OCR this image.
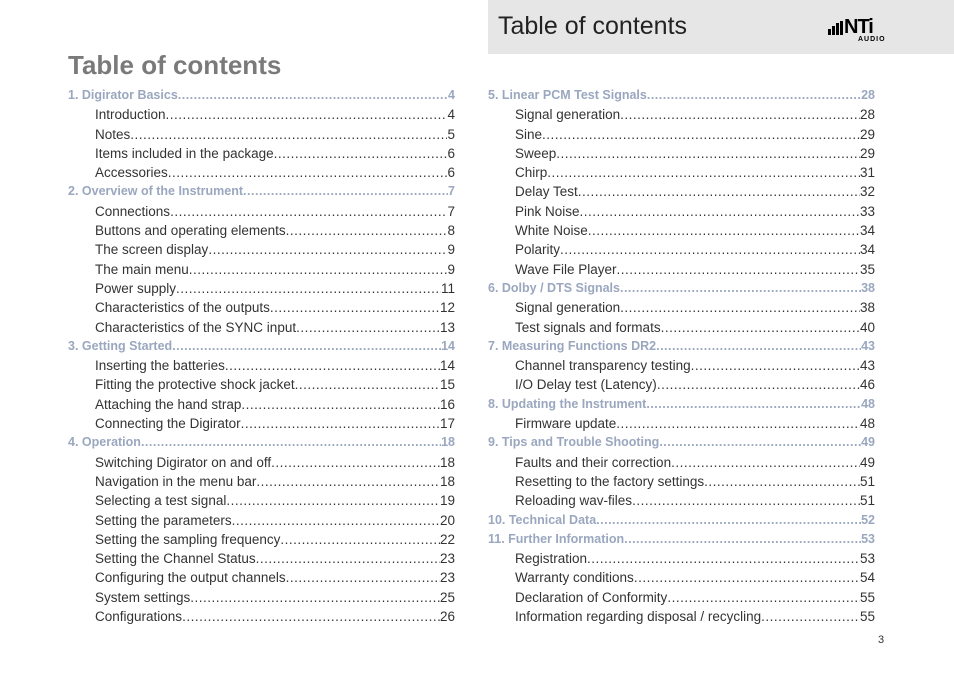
Table of contents	NTi
AUDIO
Table of contents
1. Digirator Basics .....	4
Introduction .....	4
Notes .....	5
Items included in the package .....	6
Accessories .....	6
2. Overview of the Instrument .....	7
Connections .....	7
Buttons and operating elements .....	8
The screen display .....	9
The main menu .....	9
Power supply .....	11
Characteristics of the outputs .....	12
Characteristics of the SYNC input .....	13
3. Getting Started .....	14
Inserting the batteries .....	14
Fitting the protective shock jacket .....	15
Attaching the hand strap .....	16
Connecting the Digirator .....	17
4. Operation .....	18
Switching Digirator on and off .....	18
Navigation in the menu bar .....	18
Selecting a test signal .....	19
Setting the parameters .....	20
Setting the sampling frequency .....	22
Setting the Channel Status .....	23
Configuring the output channels .....	23
System settings .....	25
Configurations .....	26
5. Linear PCM Test Signals .....	28
Signal generation .....	28
Sine .....	29
Sweep .....	29
Chirp .....	31
Delay Test .....	32
Pink Noise .....	33
White Noise .....	34
Polarity .....	34
Wave File Player .....	35
6. Dolby / DTS Signals .....	38
Signal generation .....	38
Test signals and formats .....	40
7. Measuring Functions DR2 .....	43
Channel transparency testing .....	43
I/O Delay test (Latency) .....	46
8. Updating the Instrument .....	48
Firmware update .....	48
9. Tips and Trouble Shooting .....	49
Faults and their correction .....	49
Resetting to the factory settings .....	51
Reloading wav-files .....	51
10. Technical Data .....	52
11. Further Information .....	53
Registration .....	53
Warranty conditions .....	54
Declaration of Conformity .....	55
Information regarding disposal / recycling .....	55
3
